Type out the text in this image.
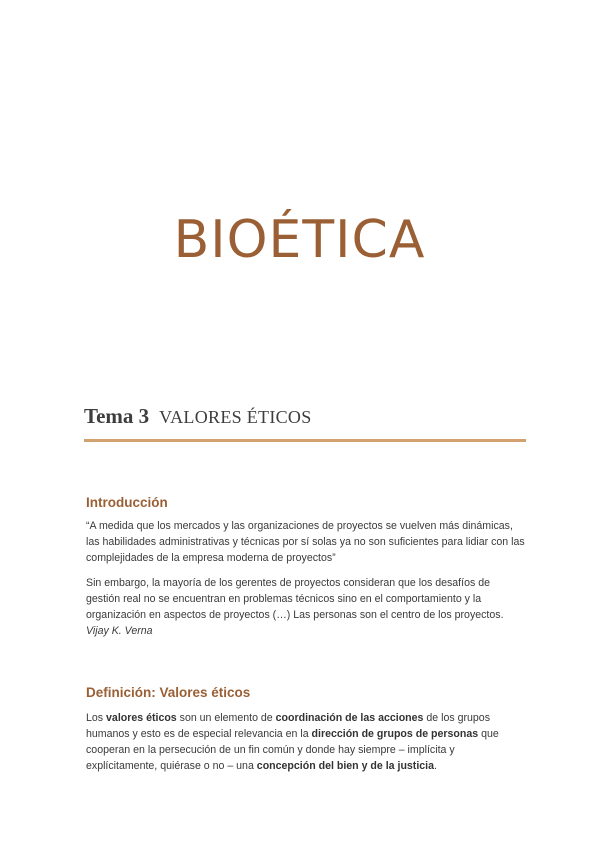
BIOÉTICA
Tema 3 VALORES ÉTICOS
Introducción

“A medida que los mercados y las organizaciones de proyectos se vuelven más dinámicas, las habilidades administrativas y técnicas por sí solas ya no son suficientes para lidiar con las complejidades de la empresa moderna de proyectos”

Sin embargo, la mayoría de los gerentes de proyectos consideran que los desafíos de gestión real no se encuentran en problemas técnicos sino en el comportamiento y la organización en aspectos de proyectos (…) Las personas son el centro de los proyectos. Vijay K. Verna

Definición: Valores éticos

Los valores éticos son un elemento de coordinación de las acciones de los grupos humanos y esto es de especial relevancia en la dirección de grupos de personas que cooperan en la persecución de un fin común y donde hay siempre – implícita y explícitamente, quiérase o no – una concepción del bien y de la justicia.
